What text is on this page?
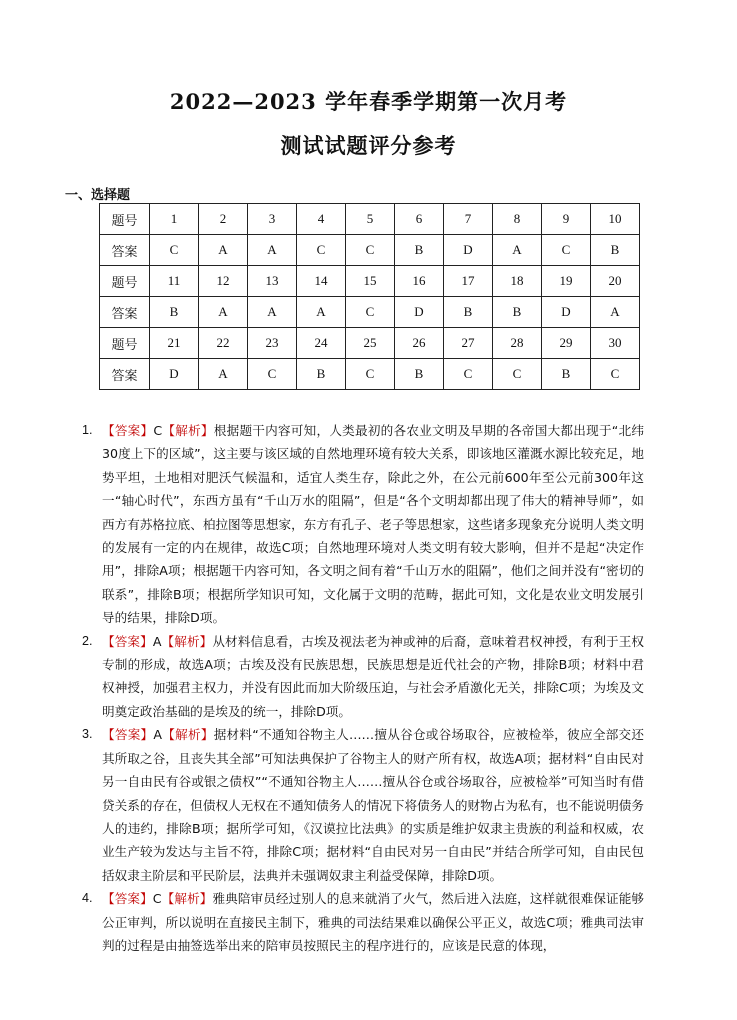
2022—2023 学年春季学期第一次月考
测试试题评分参考
一、选择题
题号	1	2	3	4	5	6	7	8	9	10
答案	C	A	A	C	C	B	D	A	C	B
题号	11	12	13	14	15	16	17	18	19	20
答案	B	A	A	A	C	D	B	B	D	A
题号	21	22	23	24	25	26	27	28	29	30
答案	D	A	C	B	C	B	C	C	B	C
1. 【答案】C【解析】根据题干内容可知，人类最初的各农业文明及早期的各帝国大都出现于“北纬30度上下的区域”，这主要与该区域的自然地理环境有较大关系，即该地区灌溉水源比较充足，地势平坦，土地相对肥沃气候温和，适宜人类生存，除此之外，在公元前600年至公元前300年这一“轴心时代”，东西方虽有“千山万水的阻隔”，但是“各个文明却都出现了伟大的精神导师”，如西方有苏格拉底、柏拉图等思想家，东方有孔子、老子等思想家，这些诸多现象充分说明人类文明的发展有一定的内在规律，故选C项；自然地理环境对人类文明有较大影响，但并不是起“决定作用”，排除A项；根据题干内容可知，各文明之间有着“千山万水的阻隔”，他们之间并没有“密切的联系”，排除B项；根据所学知识可知，文化属于文明的范畴，据此可知，文化是农业文明发展引导的结果，排除D项。
2. 【答案】A【解析】从材料信息看，古埃及视法老为神或神的后裔，意味着君权神授，有利于王权专制的形成，故选A项；古埃及没有民族思想，民族思想是近代社会的产物，排除B项；材料中君权神授，加强君主权力，并没有因此而加大阶级压迫，与社会矛盾激化无关，排除C项；为埃及文明奠定政治基础的是埃及的统一，排除D项。
3. 【答案】A【解析】据材料“不通知谷物主人……擅从谷仓或谷场取谷，应被检举，彼应全部交还其所取之谷，且丧失其全部”可知法典保护了谷物主人的财产所有权，故选A项；据材料“自由民对另一自由民有谷或银之债权”“不通知谷物主人……擅从谷仓或谷场取谷，应被检举”可知当时有借贷关系的存在，但债权人无权在不通知债务人的情况下将债务人的财物占为私有，也不能说明债务人的违约，排除B项；据所学可知，《汉谟拉比法典》的实质是维护奴隶主贵族的利益和权威，农业生产较为发达与主旨不符，排除C项；据材料“自由民对另一自由民”并结合所学可知，自由民包括奴隶主阶层和平民阶层，法典并未强调奴隶主利益受保障，排除D项。
4. 【答案】C【解析】雅典陪审员经过别人的息来就消了火气，然后进入法庭，这样就很难保证能够公正审判，所以说明在直接民主制下，雅典的司法结果难以确保公平正义，故选C项；雅典司法审判的过程是由抽签选举出来的陪审员按照民主的程序进行的，应该是民意的体现，
